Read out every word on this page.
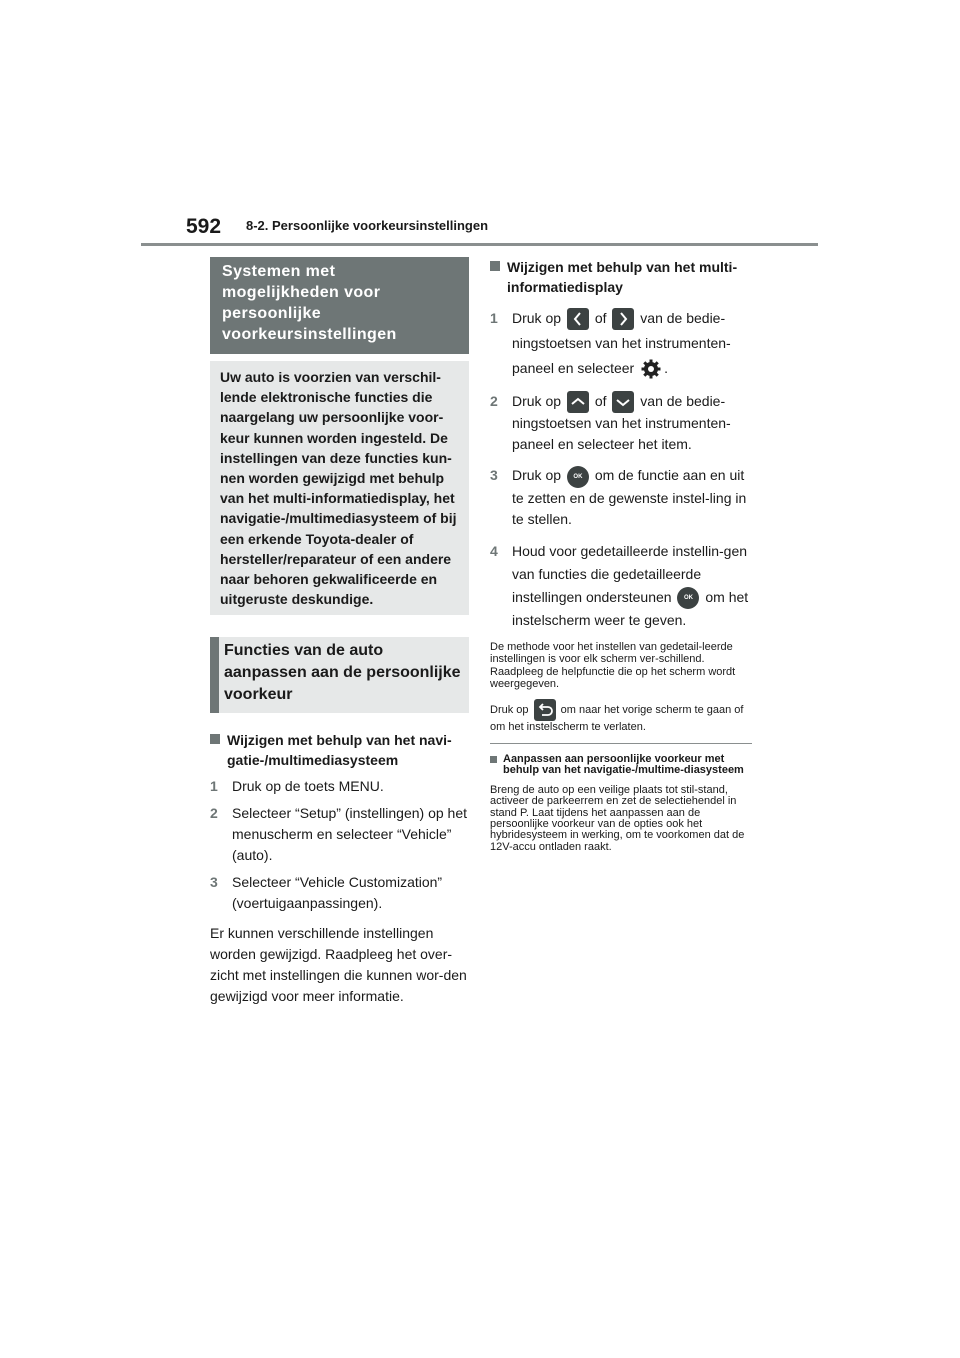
592 8-2. Persoonlijke voorkeursinstellingen
Systemen met mogelijkheden voor persoonlijke voorkeursinstellingen
Uw auto is voorzien van verschil-lende elektronische functies die naargelang uw persoonlijke voor-keur kunnen worden ingesteld. De instellingen van deze functies kun-nen worden gewijzigd met behulp van het multi-informatiedisplay, het navigatie-/multimediasysteem of bij een erkende Toyota-dealer of hersteller/reparateur of een andere naar behoren gekwalificeerde en uitgeruste deskundige.
Functies van de auto aanpassen aan de persoonlijke voorkeur
Wijzigen met behulp van het navi-gatie-/multimediasysteem
1	Druk op de toets MENU.
2	Selecteer “Setup” (instellingen) op het menuscherm en selecteer “Vehicle” (auto).
3	Selecteer “Vehicle Customization” (voertuigaanpassingen).
Er kunnen verschillende instellingen worden gewijzigd. Raadpleeg het over-zicht met instellingen die kunnen wor-den gewijzigd voor meer informatie.
Wijzigen met behulp van het multi-informatiedisplay
1	Druk op of van de bedie-ningstoetsen van het instrumenten-paneel en selecteer .
2	Druk op of van de bedie-ningstoetsen van het instrumenten-paneel en selecteer het item.
3	Druk op OK om de functie aan en uit te zetten en de gewenste instel-ling in te stellen.
4	Houd voor gedetailleerde instellin-gen van functies die gedetailleerde instellingen ondersteunen OK om het instelscherm weer te geven.
De methode voor het instellen van gedetail-leerde instellingen is voor elk scherm ver-schillend. Raadpleeg de helpfunctie die op het scherm wordt weergegeven.
Druk op	om naar het vorige scherm te gaan of om het instelscherm te verlaten.
Aanpassen aan persoonlijke voorkeur met behulp van het navigatie-/multime-diasysteem
Breng de auto op een veilige plaats tot stil-stand, activeer de parkeerrem en zet de selectiehendel in stand P. Laat tijdens het aanpassen aan de persoonlijke voorkeur van de opties ook het hybridesysteem in werking, om te voorkomen dat de 12V-accu ontladen raakt.
